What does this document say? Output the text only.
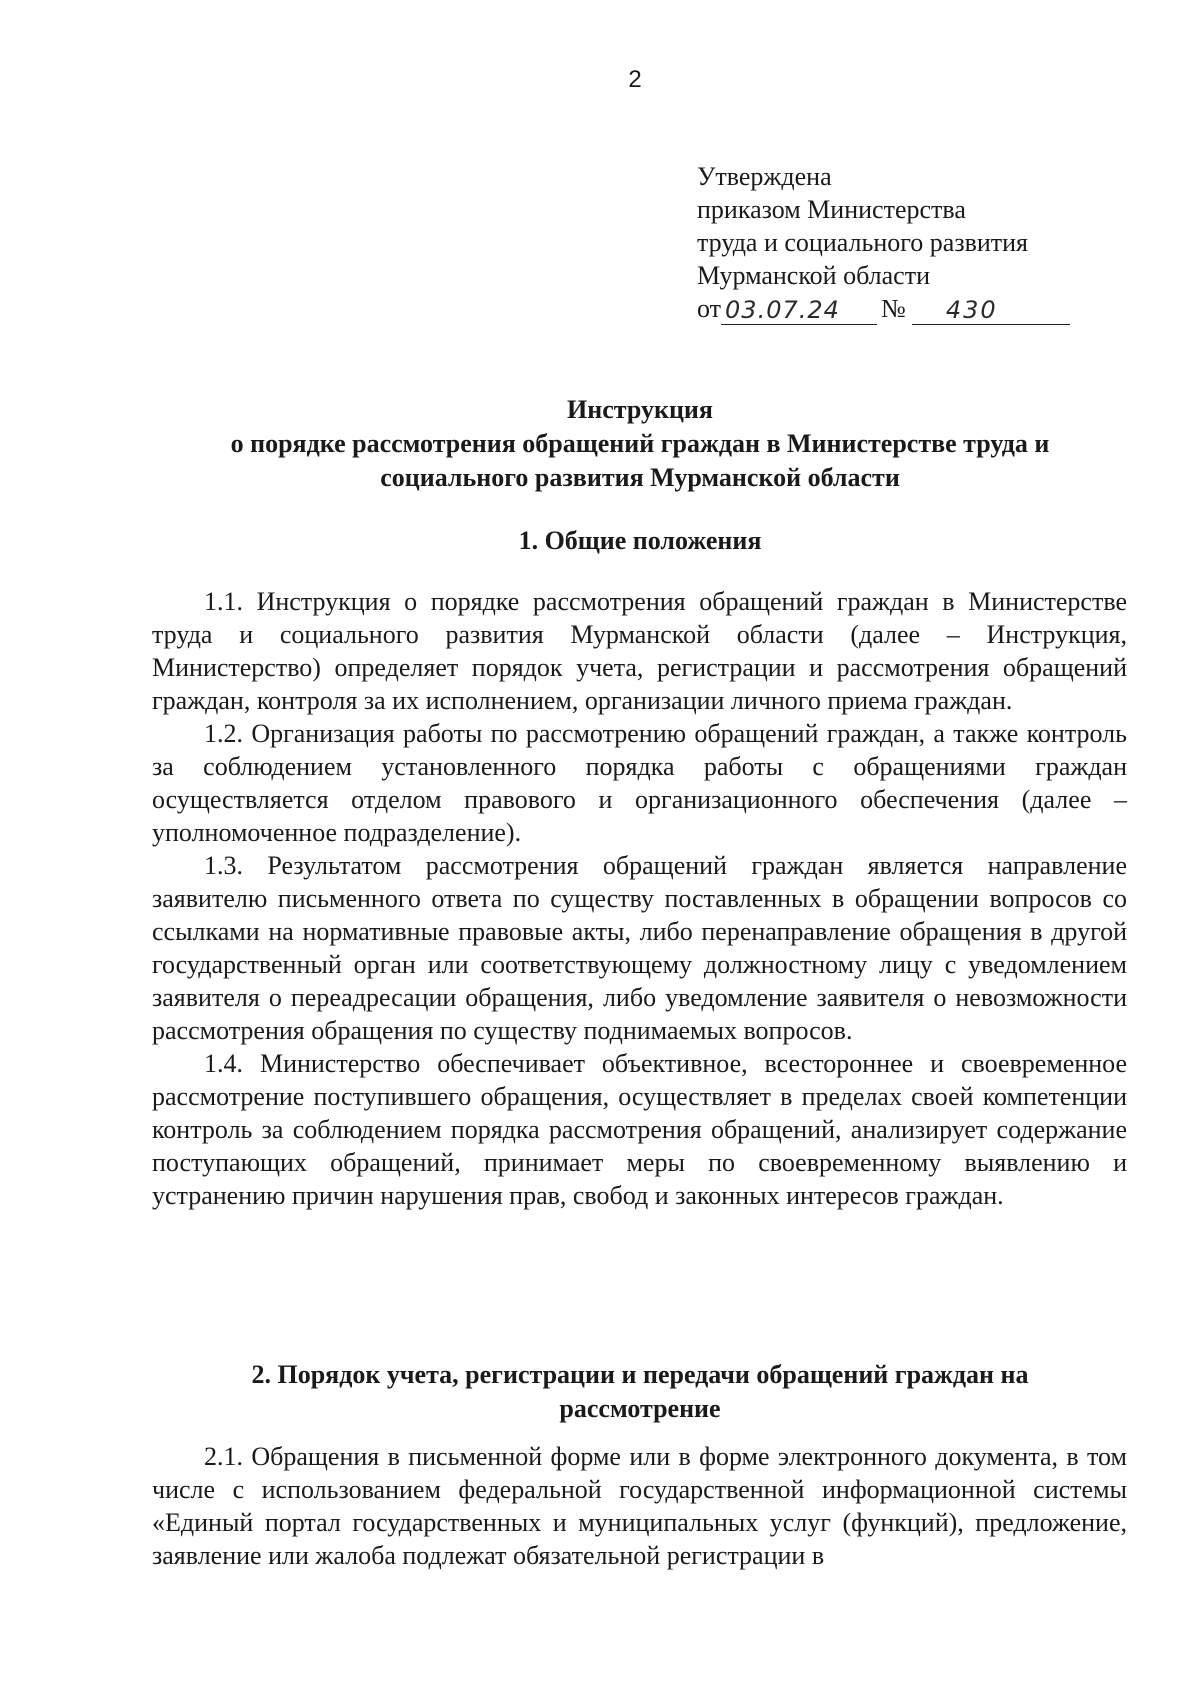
2
Утверждена
приказом Министерства
труда и социального развития
Мурманской области
от 03.07.24	№	430
Инструкция
о порядке рассмотрения обращений граждан в Министерстве труда и
социального развития Мурманской области
1. Общие положения

1.1. Инструкция о порядке рассмотрения обращений граждан в Министерстве труда и социального развития Мурманской области (далее – Инструкция, Министерство) определяет порядок учета, регистрации и рассмотрения обращений граждан, контроля за их исполнением, организации личного приема граждан.

1.2. Организация работы по рассмотрению обращений граждан, а также контроль за соблюдением установленного порядка работы с обращениями граждан осуществляется отделом правового и организационного обеспечения (далее – уполномоченное подразделение).

1.3. Результатом рассмотрения обращений граждан является направление заявителю письменного ответа по существу поставленных в обращении вопросов со ссылками на нормативные правовые акты, либо перенаправление обращения в другой государственный орган или соответствующему должностному лицу с уведомлением заявителя о переадресации обращения, либо уведомление заявителя о невозможности рассмотрения обращения по существу поднимаемых вопросов.

1.4. Министерство обеспечивает объективное, всестороннее и своевременное рассмотрение поступившего обращения, осуществляет в пределах своей компетенции контроль за соблюдением порядка рассмотрения обращений, анализирует содержание поступающих обращений, принимает меры по своевременному выявлению и устранению причин нарушения прав, свобод и законных интересов граждан.

2. Порядок учета, регистрации и передачи обращений граждан на
рассмотрение

2.1. Обращения в письменной форме или в форме электронного документа, в том числе с использованием федеральной государственной информационной системы «Единый портал государственных и муниципальных услуг (функций), предложение, заявление или жалоба подлежат обязательной регистрации в
